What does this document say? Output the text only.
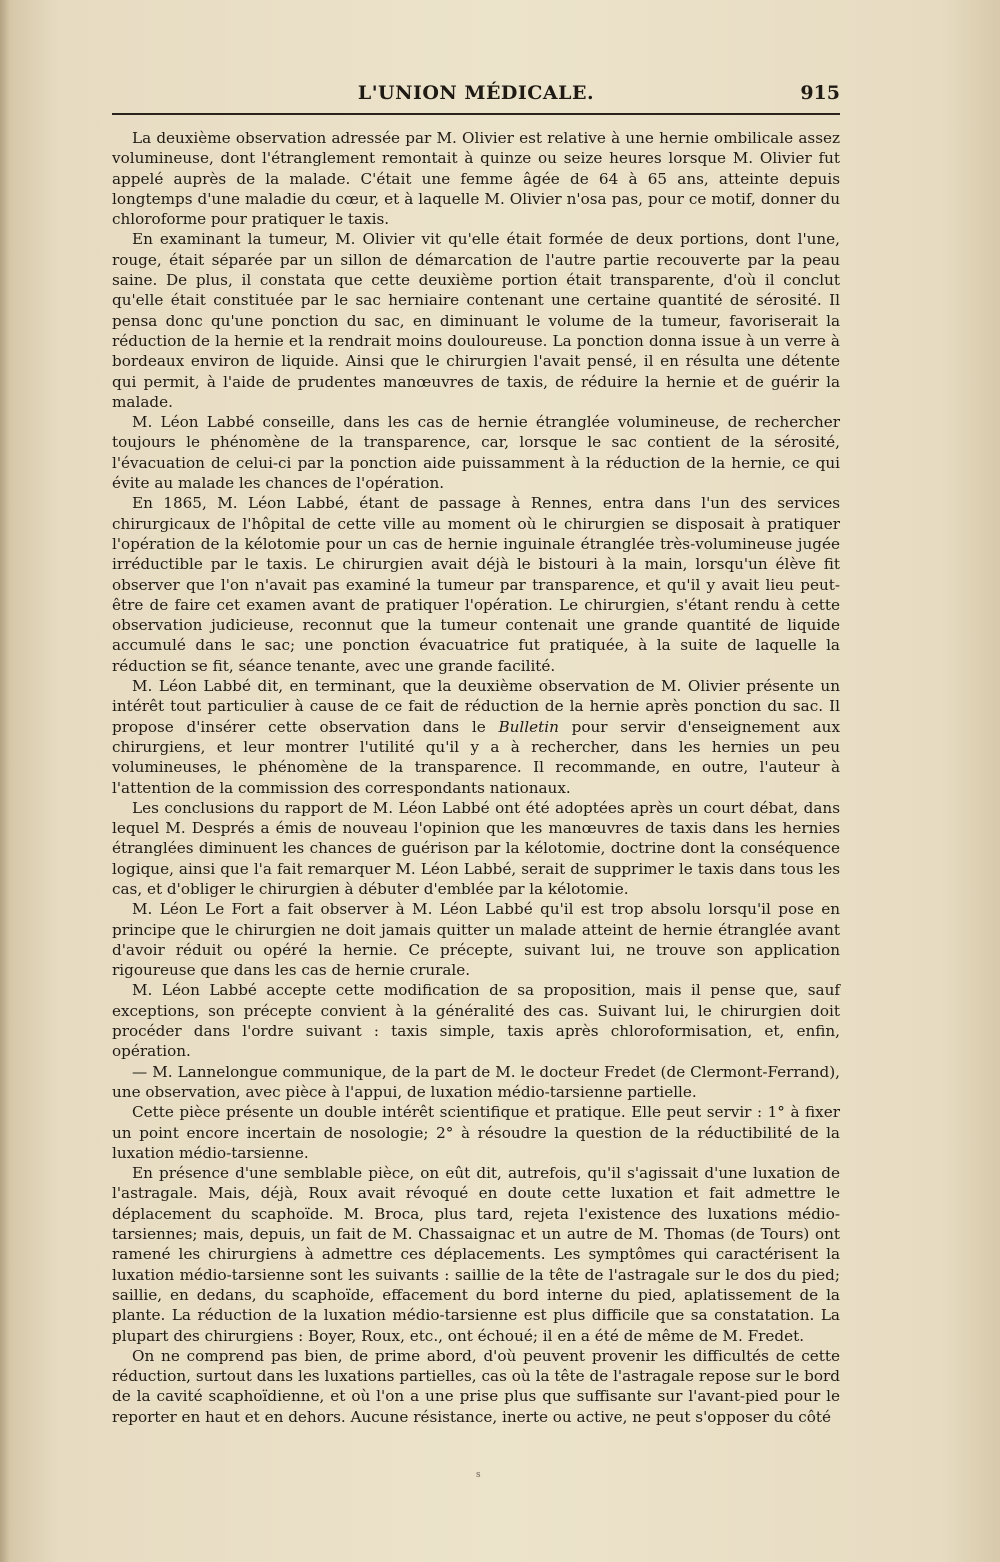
L'UNION MÉDICALE.	915

La deuxième observation adressée par M. Olivier est relative à une hernie ombilicale assez volumineuse, dont l'étranglement remontait à quinze ou seize heures lorsque M. Olivier fut appelé auprès de la malade. C'était une femme âgée de 64 à 65 ans, atteinte depuis longtemps d'une maladie du cœur, et à laquelle M. Olivier n'osa pas, pour ce motif, donner du chloroforme pour pratiquer le taxis.

En examinant la tumeur, M. Olivier vit qu'elle était formée de deux portions, dont l'une, rouge, était séparée par un sillon de démarcation de l'autre partie recouverte par la peau saine. De plus, il constata que cette deuxième portion était transparente, d'où il conclut qu'elle était constituée par le sac herniaire contenant une certaine quantité de sérosité. Il pensa donc qu'une ponction du sac, en diminuant le volume de la tumeur, favoriserait la réduction de la hernie et la rendrait moins douloureuse. La ponction donna issue à un verre à bordeaux environ de liquide. Ainsi que le chirurgien l'avait pensé, il en résulta une détente qui permit, à l'aide de prudentes manœuvres de taxis, de réduire la hernie et de guérir la malade.

M. Léon Labbé conseille, dans les cas de hernie étranglée volumineuse, de rechercher toujours le phénomène de la transparence, car, lorsque le sac contient de la sérosité, l'évacuation de celui-ci par la ponction aide puissamment à la réduction de la hernie, ce qui évite au malade les chances de l'opération.

En 1865, M. Léon Labbé, étant de passage à Rennes, entra dans l'un des services chirurgicaux de l'hôpital de cette ville au moment où le chirurgien se disposait à pratiquer l'opération de la kélotomie pour un cas de hernie inguinale étranglée très-volumineuse jugée irréductible par le taxis. Le chirurgien avait déjà le bistouri à la main, lorsqu'un élève fit observer que l'on n'avait pas examiné la tumeur par transparence, et qu'il y avait lieu peut-être de faire cet examen avant de pratiquer l'opération. Le chirurgien, s'étant rendu à cette observation judicieuse, reconnut que la tumeur contenait une grande quantité de liquide accumulé dans le sac; une ponction évacuatrice fut pratiquée, à la suite de laquelle la réduction se fit, séance tenante, avec une grande facilité.

M. Léon Labbé dit, en terminant, que la deuxième observation de M. Olivier présente un intérêt tout particulier à cause de ce fait de réduction de la hernie après ponction du sac. Il propose d'insérer cette observation dans le Bulletin pour servir d'enseignement aux chirurgiens, et leur montrer l'utilité qu'il y a à rechercher, dans les hernies un peu volumineuses, le phénomène de la transparence. Il recommande, en outre, l'auteur à l'attention de la commission des correspondants nationaux.

Les conclusions du rapport de M. Léon Labbé ont été adoptées après un court débat, dans lequel M. Després a émis de nouveau l'opinion que les manœuvres de taxis dans les hernies étranglées diminuent les chances de guérison par la kélotomie, doctrine dont la conséquence logique, ainsi que l'a fait remarquer M. Léon Labbé, serait de supprimer le taxis dans tous les cas, et d'obliger le chirurgien à débuter d'emblée par la kélotomie.

M. Léon Le Fort a fait observer à M. Léon Labbé qu'il est trop absolu lorsqu'il pose en principe que le chirurgien ne doit jamais quitter un malade atteint de hernie étranglée avant d'avoir réduit ou opéré la hernie. Ce précepte, suivant lui, ne trouve son application rigoureuse que dans les cas de hernie crurale.

M. Léon Labbé accepte cette modification de sa proposition, mais il pense que, sauf exceptions, son précepte convient à la généralité des cas. Suivant lui, le chirurgien doit procéder dans l'ordre suivant : taxis simple, taxis après chloroformisation, et, enfin, opération.

— M. Lannelongue communique, de la part de M. le docteur Fredet (de Clermont-Ferrand), une observation, avec pièce à l'appui, de luxation médio-tarsienne partielle.

Cette pièce présente un double intérêt scientifique et pratique. Elle peut servir : 1° à fixer un point encore incertain de nosologie; 2° à résoudre la question de la réductibilité de la luxation médio-tarsienne.

En présence d'une semblable pièce, on eût dit, autrefois, qu'il s'agissait d'une luxation de l'astragale. Mais, déjà, Roux avait révoqué en doute cette luxation et fait admettre le déplacement du scaphoïde. M. Broca, plus tard, rejeta l'existence des luxations médio-tarsiennes; mais, depuis, un fait de M. Chassaignac et un autre de M. Thomas (de Tours) ont ramené les chirurgiens à admettre ces déplacements. Les symptômes qui caractérisent la luxation médio-tarsienne sont les suivants : saillie de la tête de l'astragale sur le dos du pied; saillie, en dedans, du scaphoïde, effacement du bord interne du pied, aplatissement de la plante. La réduction de la luxation médio-tarsienne est plus difficile que sa constatation. La plupart des chirurgiens : Boyer, Roux, etc., ont échoué; il en a été de même de M. Fredet.

On ne comprend pas bien, de prime abord, d'où peuvent provenir les difficultés de cette réduction, surtout dans les luxations partielles, cas où la tête de l'astragale repose sur le bord de la cavité scaphoïdienne, et où l'on a une prise plus que suffisante sur l'avant-pied pour le reporter en haut et en dehors. Aucune résistance, inerte ou active, ne peut s'opposer du côté

s
